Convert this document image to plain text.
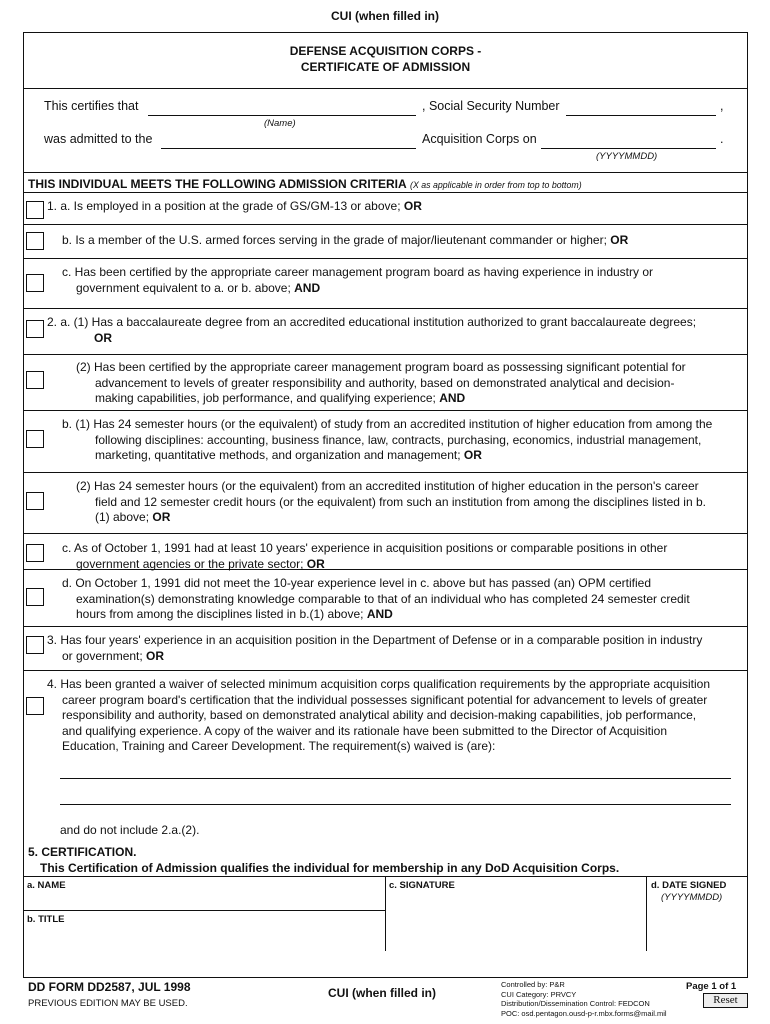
CUI (when filled in)
DEFENSE ACQUISITION CORPS -
CERTIFICATE OF ADMISSION
This certifies that	, Social Security Number	,
(Name)
was admitted to the	Acquisition Corps on	.
(YYYYMMDD)
THIS INDIVIDUAL MEETS THE FOLLOWING ADMISSION CRITERIA (X as applicable in order from top to bottom)
1. a. Is employed in a position at the grade of GS/GM-13 or above; OR
b. Is a member of the U.S. armed forces serving in the grade of major/lieutenant commander or higher; OR
c. Has been certified by the appropriate career management program board as having experience in industry or
government equivalent to a. or b. above; AND
OR
2. a. (1) Has a baccalaureate degree from an accredited educational institution authorized to grant baccalaureate degrees;
(2) Has been certified by the appropriate career management program board as possessing significant potential for
advancement to levels of greater responsibility and authority, based on demonstrated analytical and decision-
making capabilities, job performance, and qualifying experience; AND
b. (1) Has 24 semester hours (or the equivalent) of study from an accredited institution of higher education from among the
following disciplines: accounting, business finance, law, contracts, purchasing, economics, industrial management,
marketing, quantitative methods, and organization and management; OR
(2) Has 24 semester hours (or the equivalent) from an accredited institution of higher education in the person's career
field and 12 semester credit hours (or the equivalent) from such an institution from among the disciplines listed in b.
(1) above; OR
c. As of October 1, 1991 had at least 10 years' experience in acquisition positions or comparable positions in other
government agencies or the private sector; OR
d. On October 1, 1991 did not meet the 10-year experience level in c. above but has passed (an) OPM certified
examination(s) demonstrating knowledge comparable to that of an individual who has completed 24 semester credit
hours from among the disciplines listed in b.(1) above; AND
3. Has four years' experience in an acquisition position in the Department of Defense or in a comparable position in industry
or government; OR
4. Has been granted a waiver of selected minimum acquisition corps qualification requirements by the appropriate acquisition
career program board's certification that the individual possesses significant potential for advancement to levels of greater
responsibility and authority, based on demonstrated analytical ability and decision-making capabilities, job performance,
and qualifying experience. A copy of the waiver and its rationale have been submitted to the Director of Acquisition
Education, Training and Career Development. The requirement(s) waived is (are):
and do not include 2.a.(2).
5. CERTIFICATION.
This Certification of Admission qualifies the individual for membership in any DoD Acquisition Corps.
a. NAME
b. TITLE
c. SIGNATURE	d. DATE SIGNED
(YYYYMMDD)
DD FORM DD2587, JUL 1998
PREVIOUS EDITION MAY BE USED.
CUI (when filled in)
Controlled by: P&R
CUI Category: PRVCY
Distribution/Dissemination Control: FEDCON
POC: osd.pentagon.ousd-p-r.mbx.forms@mail.mil
Page 1 of 1
Reset
